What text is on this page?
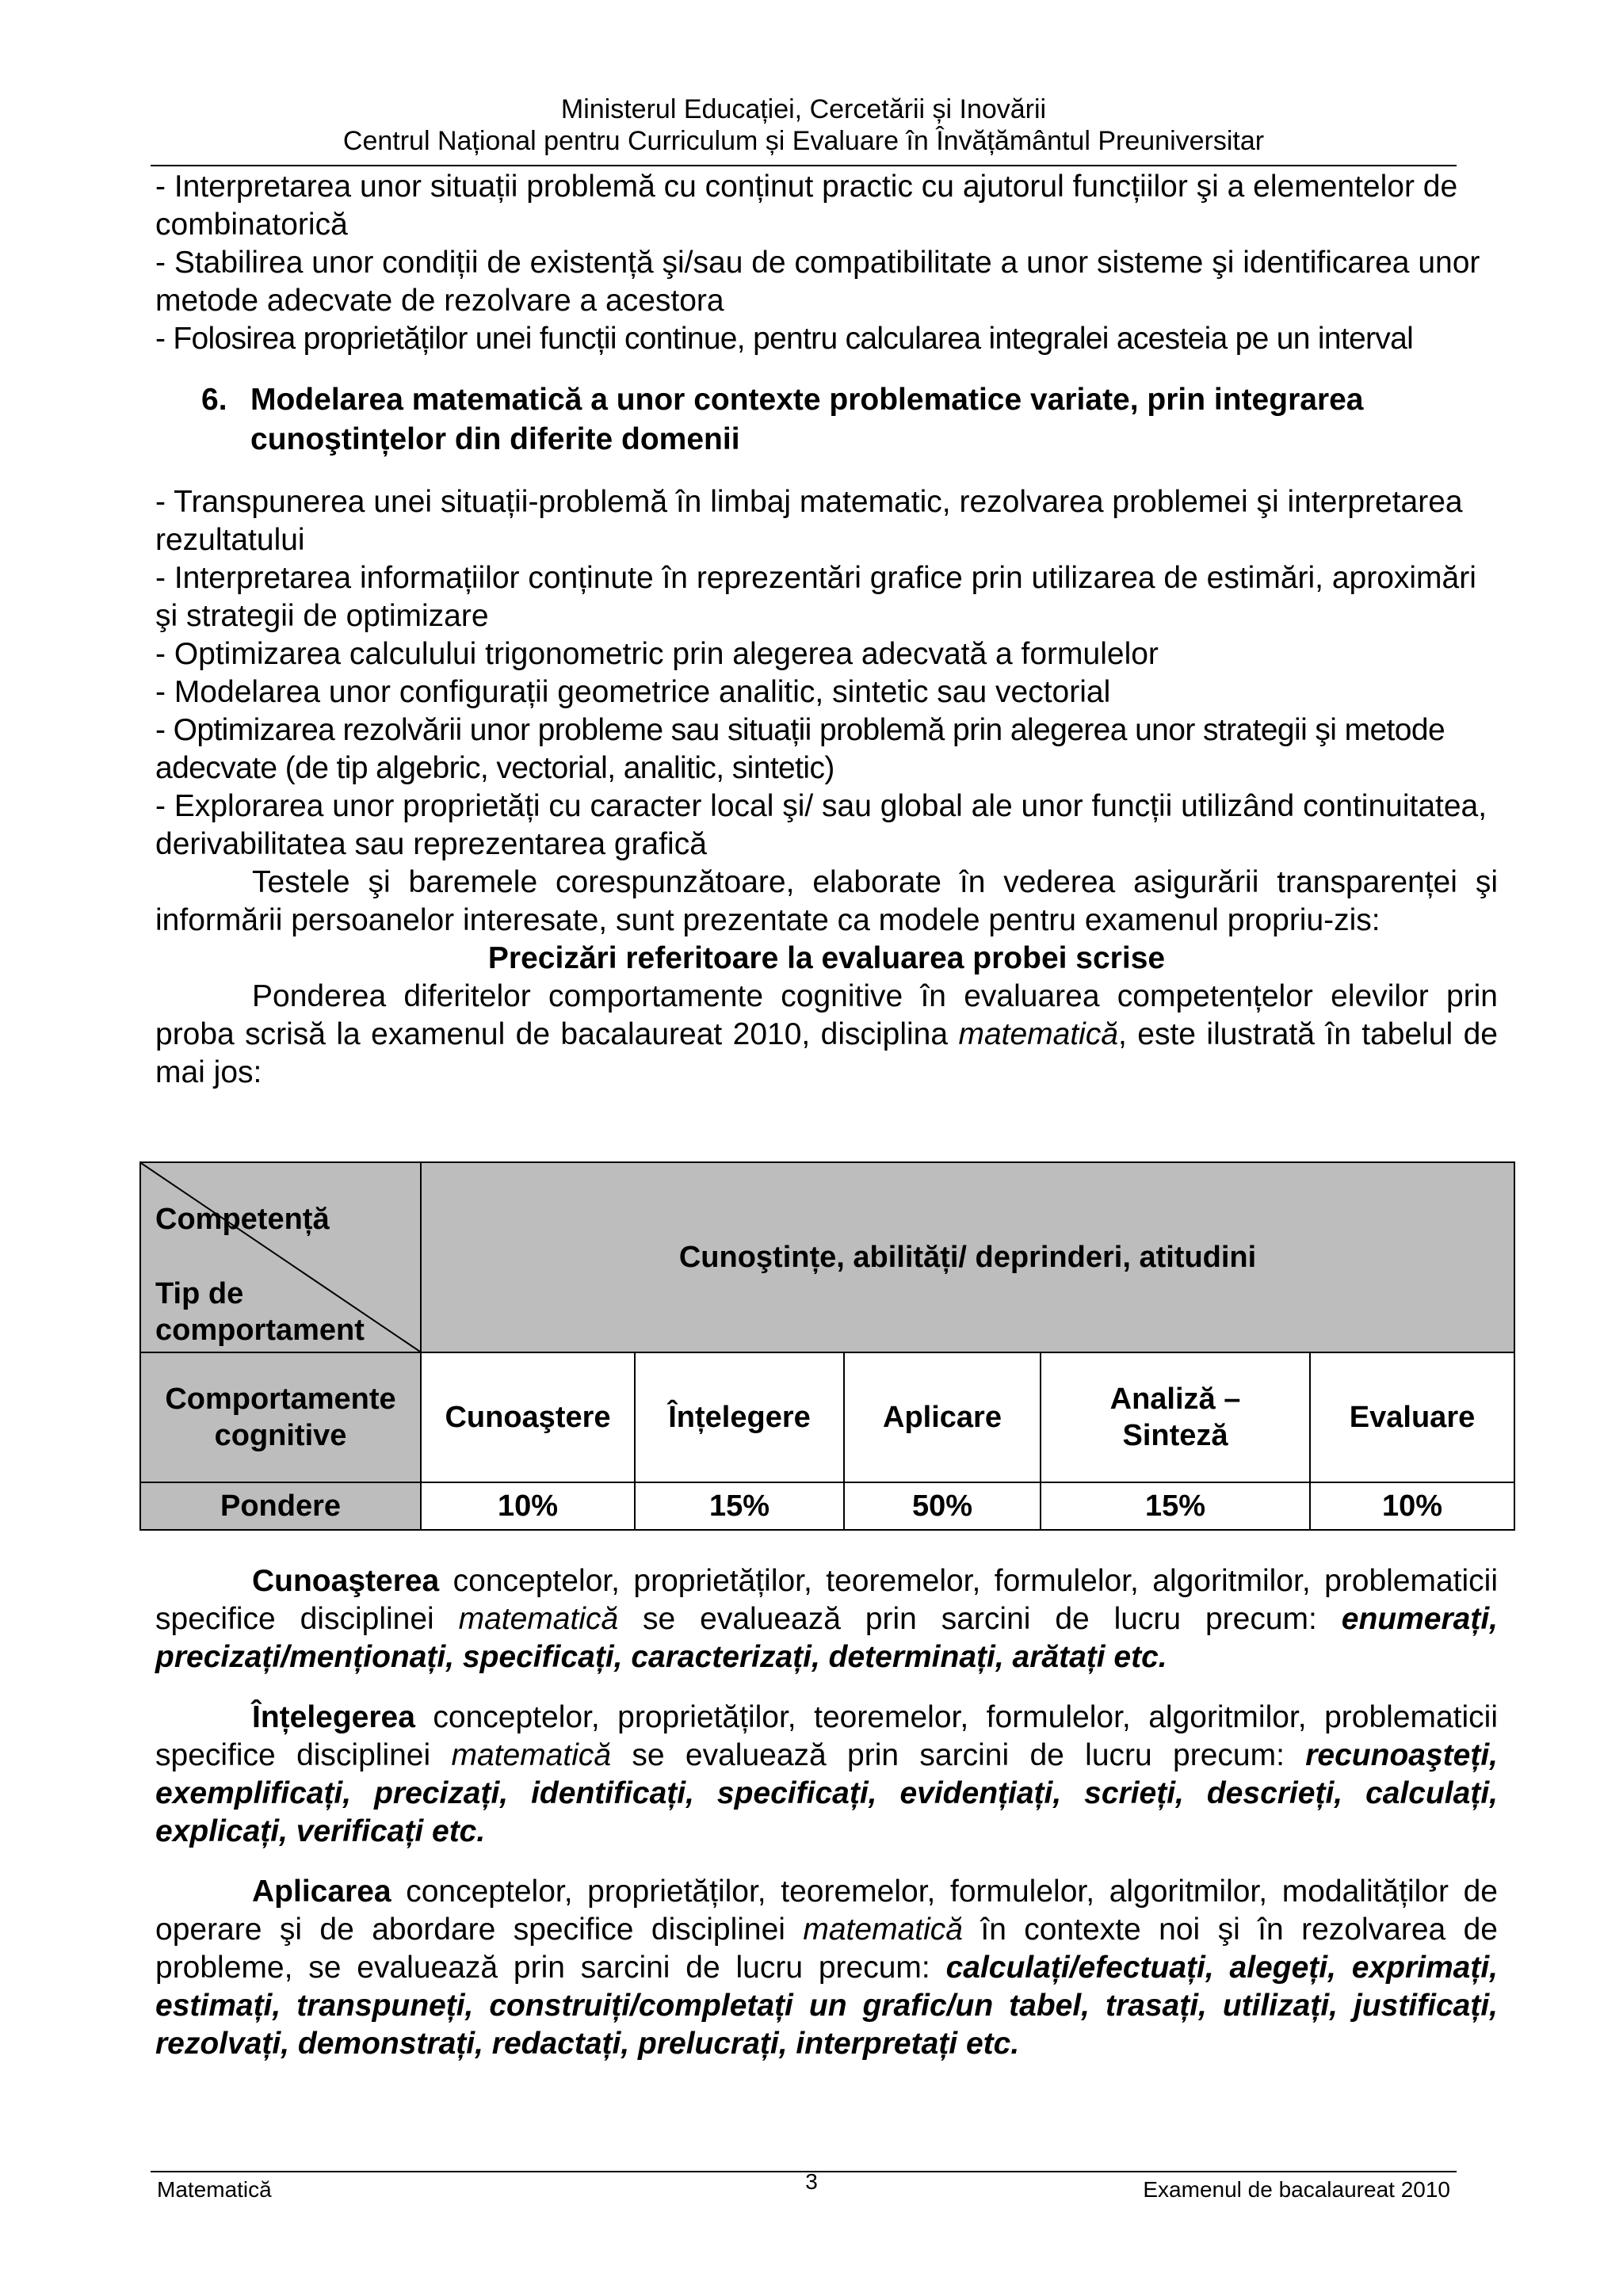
Ministerul Educației, Cercetării și Inovării
Centrul Național pentru Curriculum și Evaluare în Învățământul Preuniversitar

- Interpretarea unor situații problemă cu conținut practic cu ajutorul funcțiilor şi a elementelor de combinatorică

- Stabilirea unor condiții de existență şi/sau de compatibilitate a unor sisteme şi identificarea unor metode adecvate de rezolvare a acestora

- Folosirea proprietăților unei funcții continue, pentru calcularea integralei acesteia pe un interval

6. Modelarea matematică a unor contexte problematice variate, prin integrarea cunoştințelor din diferite domenii

- Transpunerea unei situații-problemă în limbaj matematic, rezolvarea problemei şi interpretarea rezultatului

- Interpretarea informațiilor conținute în reprezentări grafice prin utilizarea de estimări, aproximări şi strategii de optimizare

- Optimizarea calculului trigonometric prin alegerea adecvată a formulelor

- Modelarea unor configurații geometrice analitic, sintetic sau vectorial

- Optimizarea rezolvării unor probleme sau situații problemă prin alegerea unor strategii şi metode adecvate (de tip algebric, vectorial, analitic, sintetic)

- Explorarea unor proprietăți cu caracter local şi/ sau global ale unor funcții utilizând continuitatea, derivabilitatea sau reprezentarea grafică

Testele şi baremele corespunzătoare, elaborate în vederea asigurării transparenței şi informării persoanelor interesate, sunt prezentate ca modele pentru examenul propriu-zis:

Precizări referitoare la evaluarea probei scrise

Ponderea diferitelor comportamente cognitive în evaluarea competențelor elevilor prin proba scrisă la examenul de bacalaureat 2010, disciplina matematică, este ilustrată în tabelul de mai jos:

Competență
Tip de comportament	Cunoştințe, abilități/ deprinderi, atitudini				
Comportamente cognitive	Cunoaştere	Înțelegere	Aplicare	Analiză – Sinteză	Evaluare
Pondere	10%	15%	50%	15%	10%

Cunoaşterea conceptelor, proprietăților, teoremelor, formulelor, algoritmilor, problematicii specifice disciplinei matematică se evaluează prin sarcini de lucru precum: enumerați, precizați/menționați, specificați, caracterizați, determinați, arătați etc.

Înțelegerea conceptelor, proprietăților, teoremelor, formulelor, algoritmilor, problematicii specifice disciplinei matematică se evaluează prin sarcini de lucru precum: recunoaşteți, exemplificați, precizați, identificați, specificați, evidențiați, scrieți, descrieți, calculați, explicați, verificați etc.

Aplicarea conceptelor, proprietăților, teoremelor, formulelor, algoritmilor, modalităților de operare şi de abordare specifice disciplinei matematică în contexte noi şi în rezolvarea de probleme, se evaluează prin sarcini de lucru precum: calculați/efectuați, alegeți, exprimați, estimați, transpuneți, construiți/completați un grafic/un tabel, trasați, utilizați, justificați, rezolvați, demonstrați, redactați, prelucrați, interpretați etc.

Matematică	3	Examenul de bacalaureat 2010
